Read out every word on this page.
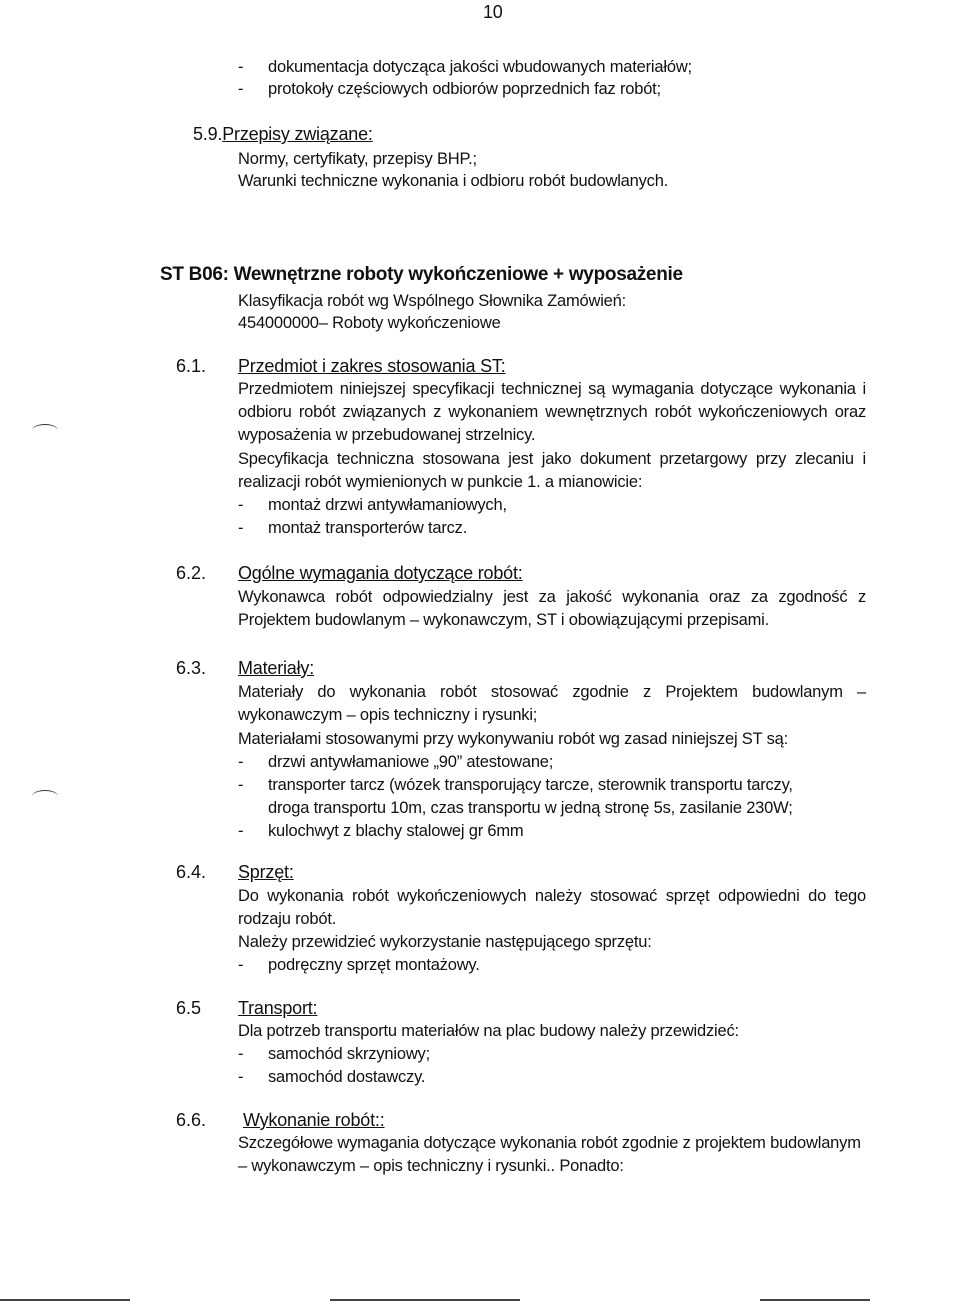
10
- dokumentacja dotycząca jakości wbudowanych materiałów;
- protokoły częściowych odbiorów poprzednich faz robót;
5.9.Przepisy związane:
Normy, certyfikaty, przepisy BHP.;
Warunki techniczne wykonania i odbioru robót budowlanych.
ST B06: Wewnętrzne roboty wykończeniowe + wyposażenie
Klasyfikacja robót wg Wspólnego Słownika Zamówień:
454000000– Roboty wykończeniowe
6.1. Przedmiot i zakres stosowania ST:
Przedmiotem niniejszej specyfikacji technicznej są wymagania dotyczące wykonania i
odbioru robót związanych z wykonaniem wewnętrznych robót wykończeniowych oraz
wyposażenia w przebudowanej strzelnicy.
Specyfikacja techniczna stosowana jest jako dokument przetargowy przy zlecaniu i
realizacji robót wymienionych w punkcie 1. a mianowicie:
- montaż drzwi antywłamaniowych,
- montaż transporterów tarcz.
6.2. Ogólne wymagania dotyczące robót:
Wykonawca robót odpowiedzialny jest za jakość wykonania oraz za zgodność z
Projektem budowlanym – wykonawczym, ST i obowiązującymi przepisami.
6.3. Materiały:
Materiały do wykonania robót stosować zgodnie z Projektem budowlanym –
wykonawczym – opis techniczny i rysunki;
Materiałami stosowanymi przy wykonywaniu robót wg zasad niniejszej ST są:
- drzwi antywłamaniowe „90” atestowane;
- transporter tarcz (wózek transporujący tarcze, sterownik transportu tarczy,
droga transportu 10m, czas transportu w jedną stronę 5s, zasilanie 230W;
- kulochwyt z blachy stalowej gr 6mm
6.4. Sprzęt:
Do wykonania robót wykończeniowych należy stosować sprzęt odpowiedni do tego
rodzaju robót.
Należy przewidzieć wykorzystanie następującego sprzętu:
- podręczny sprzęt montażowy.
6.5 Transport:
Dla potrzeb transportu materiałów na plac budowy należy przewidzieć:
- samochód skrzyniowy;
- samochód dostawczy.
6.6. Wykonanie robót::
Szczegółowe wymagania dotyczące wykonania robót zgodnie z projektem budowlanym
– wykonawczym – opis techniczny i rysunki.. Ponadto:
